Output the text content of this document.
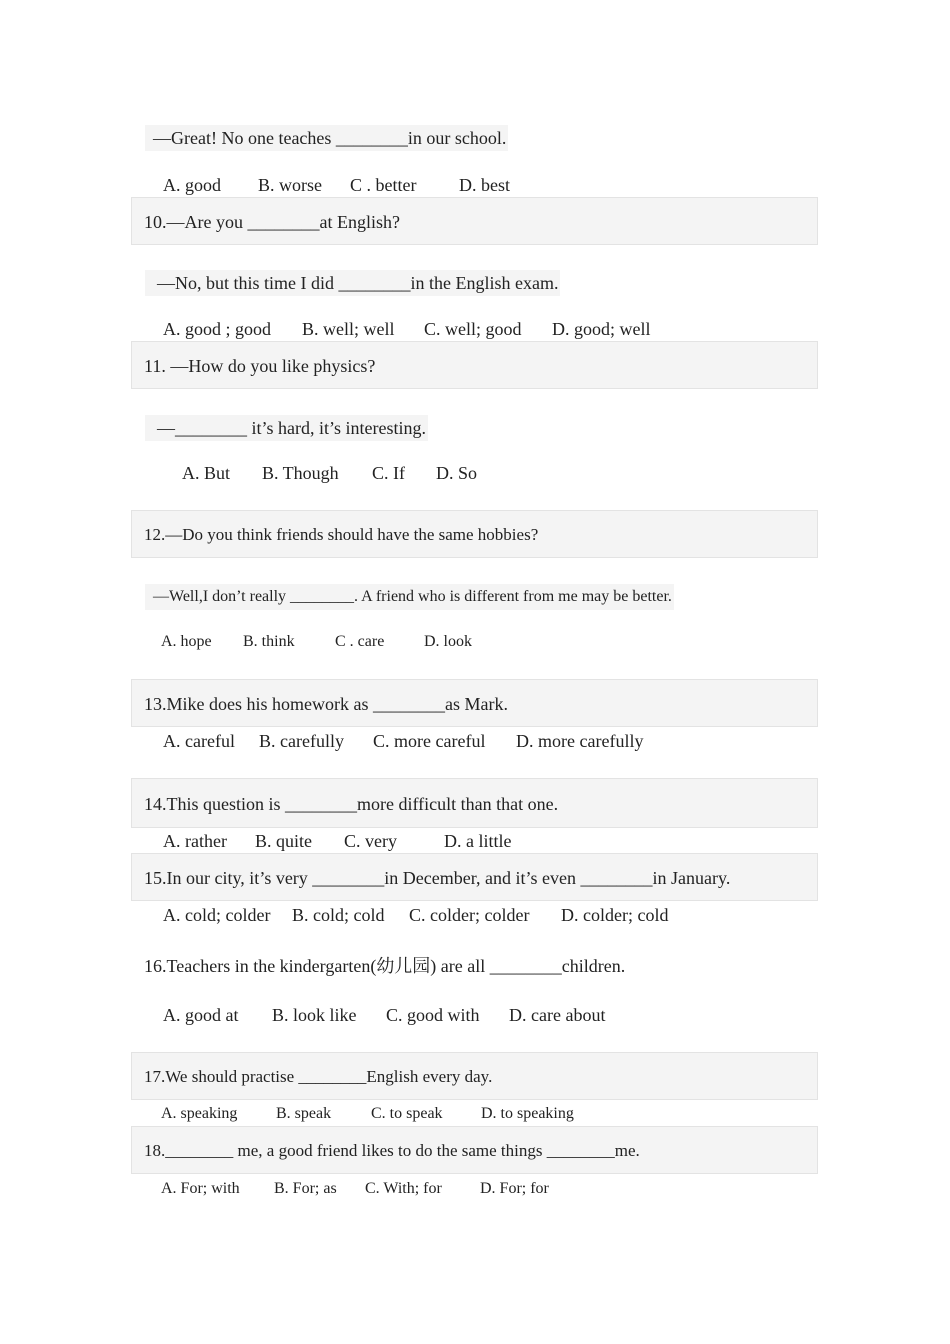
—Great! No one teaches ________in our school.
A. good B. worse C . better D. best
10.—Are you ________at English?
—No, but this time I did ________in the English exam.
A. good ; good B. well; well C. well; good D. good; well
11. —How do you like physics?
—________ it’s hard, it’s interesting.
A. But B. Though C. If D. So
12.—Do you think friends should have the same hobbies?
—Well,I don’t really ________. A friend who is different from me may be better.
A. hope B. think	C . care D. look
13.Mike does his homework as ________as Mark.
A. careful B. carefully C. more careful D. more carefully
14.This question is ________more difficult than that one.
A. rather B. quite C. very	D. a little
15.In our city, it’s very ________in December, and it’s even ________in January.
A. cold; colder B. cold; cold C. colder; colder D. colder; cold
16.Teachers in the kindergarten(幼儿园) are all ________children.
A. good at B. look like C. good with D. care about
17.We should practise ________English every day.
A. speaking B. speak C. to speak D. to speaking
18.________ me, a good friend likes to do the same things ________me.
A. For; with B. For; as C. With; for D. For; for
